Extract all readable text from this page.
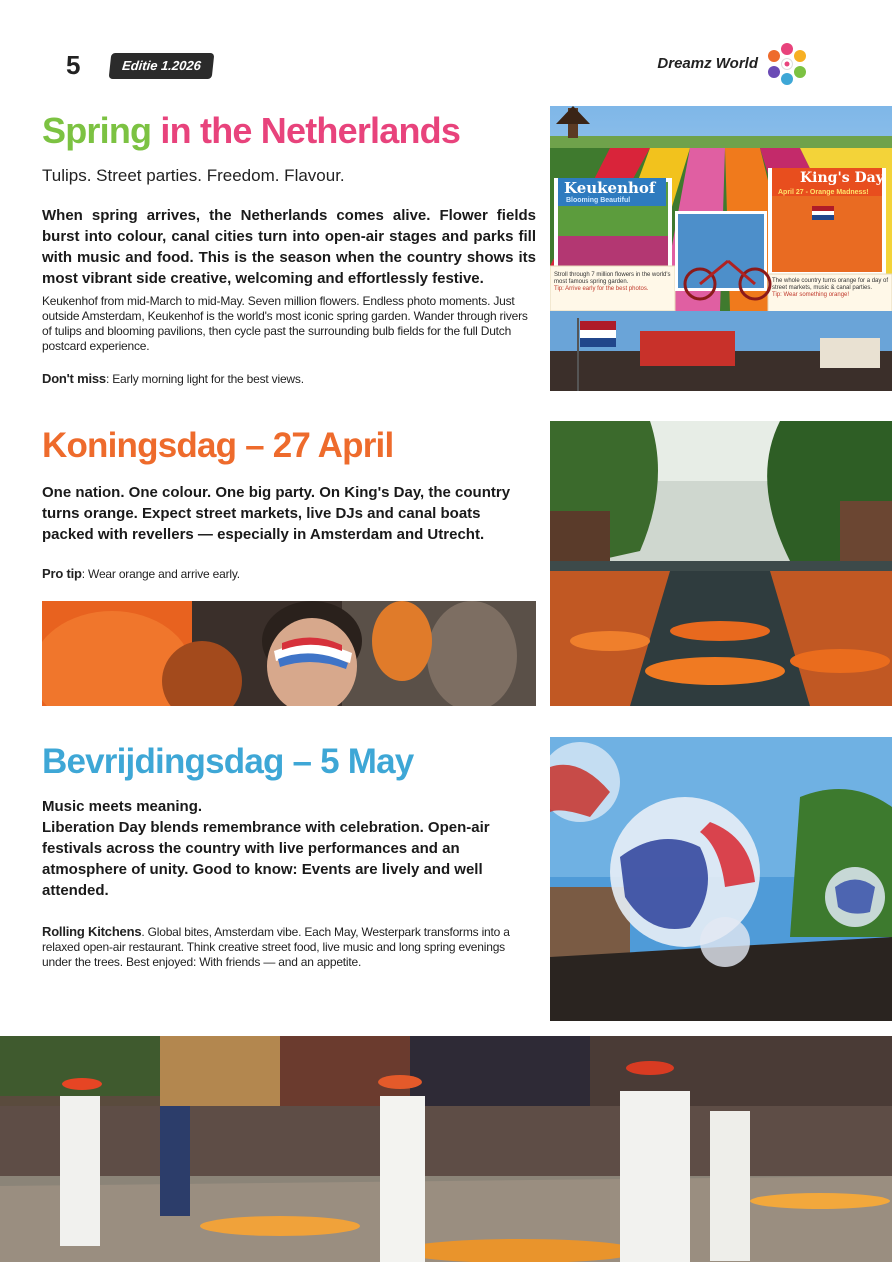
5	Editie 1.2026	Dreamz World
Spring in the Netherlands
Tulips. Street parties. Freedom. Flavour.
When spring arrives, the Netherlands comes alive. Flower fields burst into colour, canal cities turn into open-air stages and parks fill with music and food. This is the season when the country shows its most vibrant side creative, welcoming and effortlessly festive.
Keukenhof from mid-March to mid-May. Seven million flowers. Endless photo moments. Just outside Amsterdam, Keukenhof is the world's most iconic spring garden. Wander through rivers of tulips and blooming pavilions, then cycle past the surrounding bulb fields for the full Dutch postcard experience.
Don't miss: Early morning light for the best views.
Keukenhof
Blooming Beautiful
King's Day
April 27 - Orange Madness!
Stroll through 7 million flowers in the world's most famous spring garden.
Tip: Arrive early for the best photos.
The whole country turns orange for a day of street markets, music & canal parties.
Tip: Wear something orange!
Koningsdag – 27 April
One nation. One colour. One big party. On King's Day, the country turns orange. Expect street markets, live DJs and canal boats packed with revellers — especially in Amsterdam and Utrecht.
Pro tip: Wear orange and arrive early.
Bevrijdingsdag – 5 May
Music meets meaning.
Liberation Day blends remembrance with celebration. Open-air festivals across the country with live performances and an atmosphere of unity. Good to know: Events are lively and well attended.
Rolling Kitchens. Global bites, Amsterdam vibe. Each May, Westerpark transforms into a relaxed open-air restaurant. Think creative street food, live music and long spring evenings under the trees. Best enjoyed: With friends — and an appetite.
